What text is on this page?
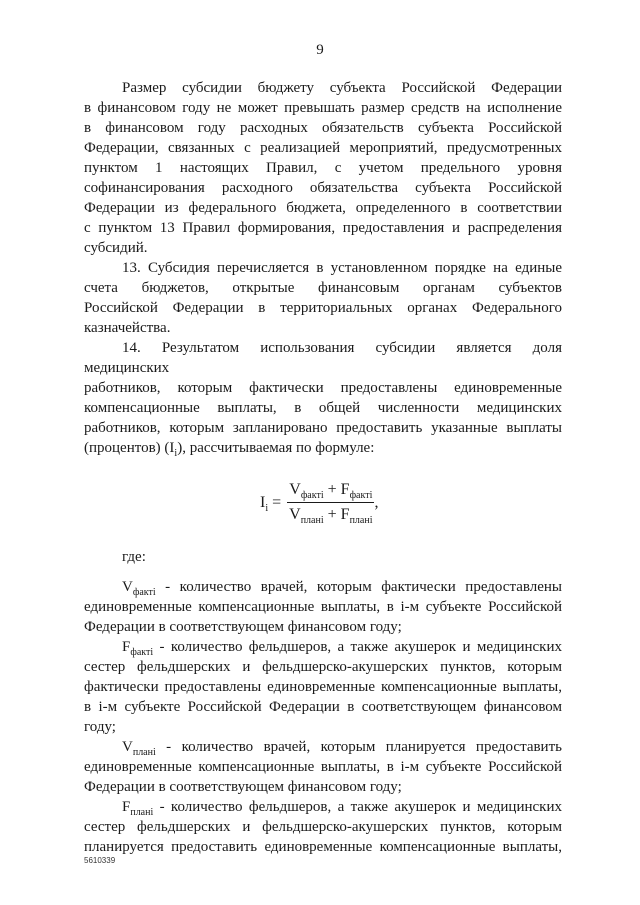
9
Размер субсидии бюджету субъекта Российской Федерации
в финансовом году не может превышать размер средств на исполнение
в финансовом году расходных обязательств субъекта Российской
Федерации, связанных с реализацией мероприятий, предусмотренных
пунктом 1 настоящих Правил, с учетом предельного уровня
софинансирования расходного обязательства субъекта Российской
Федерации из федерального бюджета, определенного в соответствии
с пунктом 13 Правил формирования, предоставления и распределения
субсидий.
13. Субсидия перечисляется в установленном порядке на единые
счета бюджетов, открытые финансовым органам субъектов
Российской Федерации в территориальных органах Федерального
казначейства.
14. Результатом использования субсидии является доля медицинских
работников, которым фактически предоставлены единовременные
компенсационные выплаты, в общей численности медицинских
работников, которым запланировано предоставить указанные выплаты
(процентов) $(I_i)$, рассчитываемая по формуле:
$I_i = \frac{V_{фактi} + F_{фактi}}{V_{планi} + F_{планi}}$ ,
где:
$V_{фактi}$ - количество врачей, которым фактически предоставлены
единовременные компенсационные выплаты, в i-м субъекте Российской
Федерации в соответствующем финансовом году;
$F_{фактi}$ - количество фельдшеров, а также акушерок и медицинских
сестер фельдшерских и фельдшерско-акушерских пунктов, которым
фактически предоставлены единовременные компенсационные выплаты,
в i-м субъекте Российской Федерации в соответствующем финансовом
году;
$V_{планi}$ - количество врачей, которым планируется предоставить
единовременные компенсационные выплаты, в i-м субъекте Российской
Федерации в соответствующем финансовом году;
$F_{планi}$ - количество фельдшеров, а также акушерок и медицинских
сестер фельдшерских и фельдшерско-акушерских пунктов, которым
планируется предоставить единовременные компенсационные выплаты,
5610339
